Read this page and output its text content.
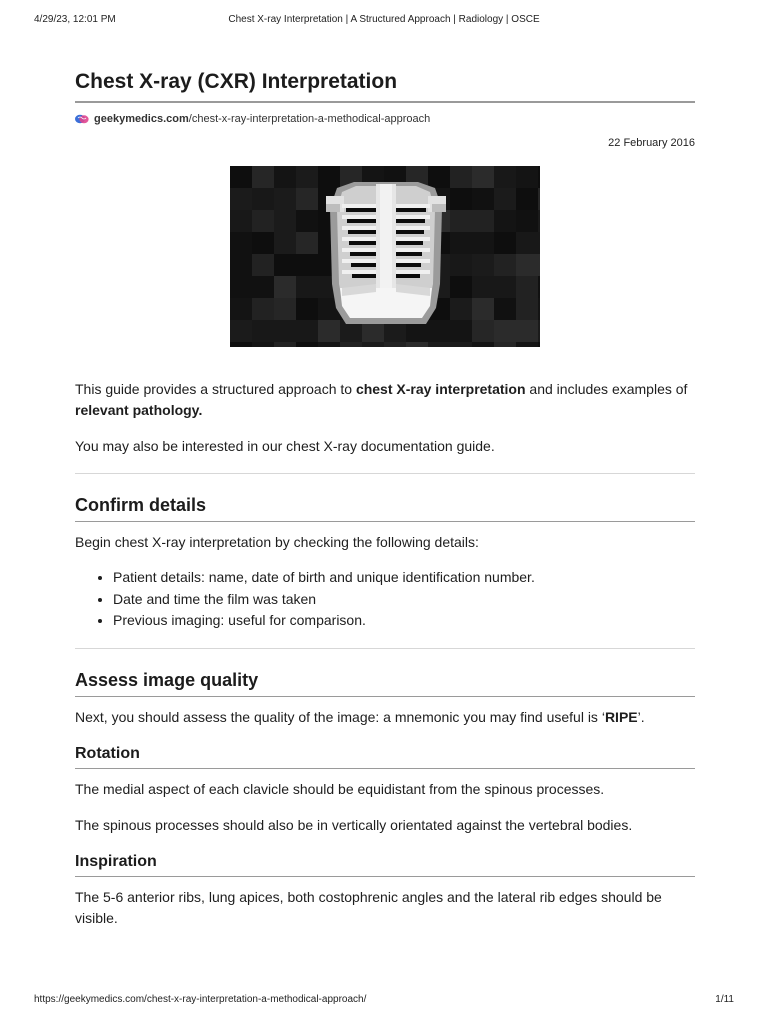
4/29/23, 12:01 PM	Chest X-ray Interpretation | A Structured Approach | Radiology | OSCE
Chest X-ray (CXR) Interpretation
geekymedics.com /chest-x-ray-interpretation-a-methodical-approach
22 February 2016

This guide provides a structured approach to chest X-ray interpretation and includes examples of relevant pathology.

You may also be interested in our chest X-ray documentation guide.

Confirm details

Begin chest X-ray interpretation by checking the following details:

• Patient details: name, date of birth and unique identification number.
• Date and time the film was taken
• Previous imaging: useful for comparison.
Assess image quality

Next, you should assess the quality of the image: a mnemonic you may find useful is ‘RIPE’.

Rotation

The medial aspect of each clavicle should be equidistant from the spinous processes.

The spinous processes should also be in vertically orientated against the vertebral bodies.

Inspiration

The 5-6 anterior ribs, lung apices, both costophrenic angles and the lateral rib edges should be visible.

https://geekymedics.com/chest-x-ray-interpretation-a-methodical-approach/	1/11
